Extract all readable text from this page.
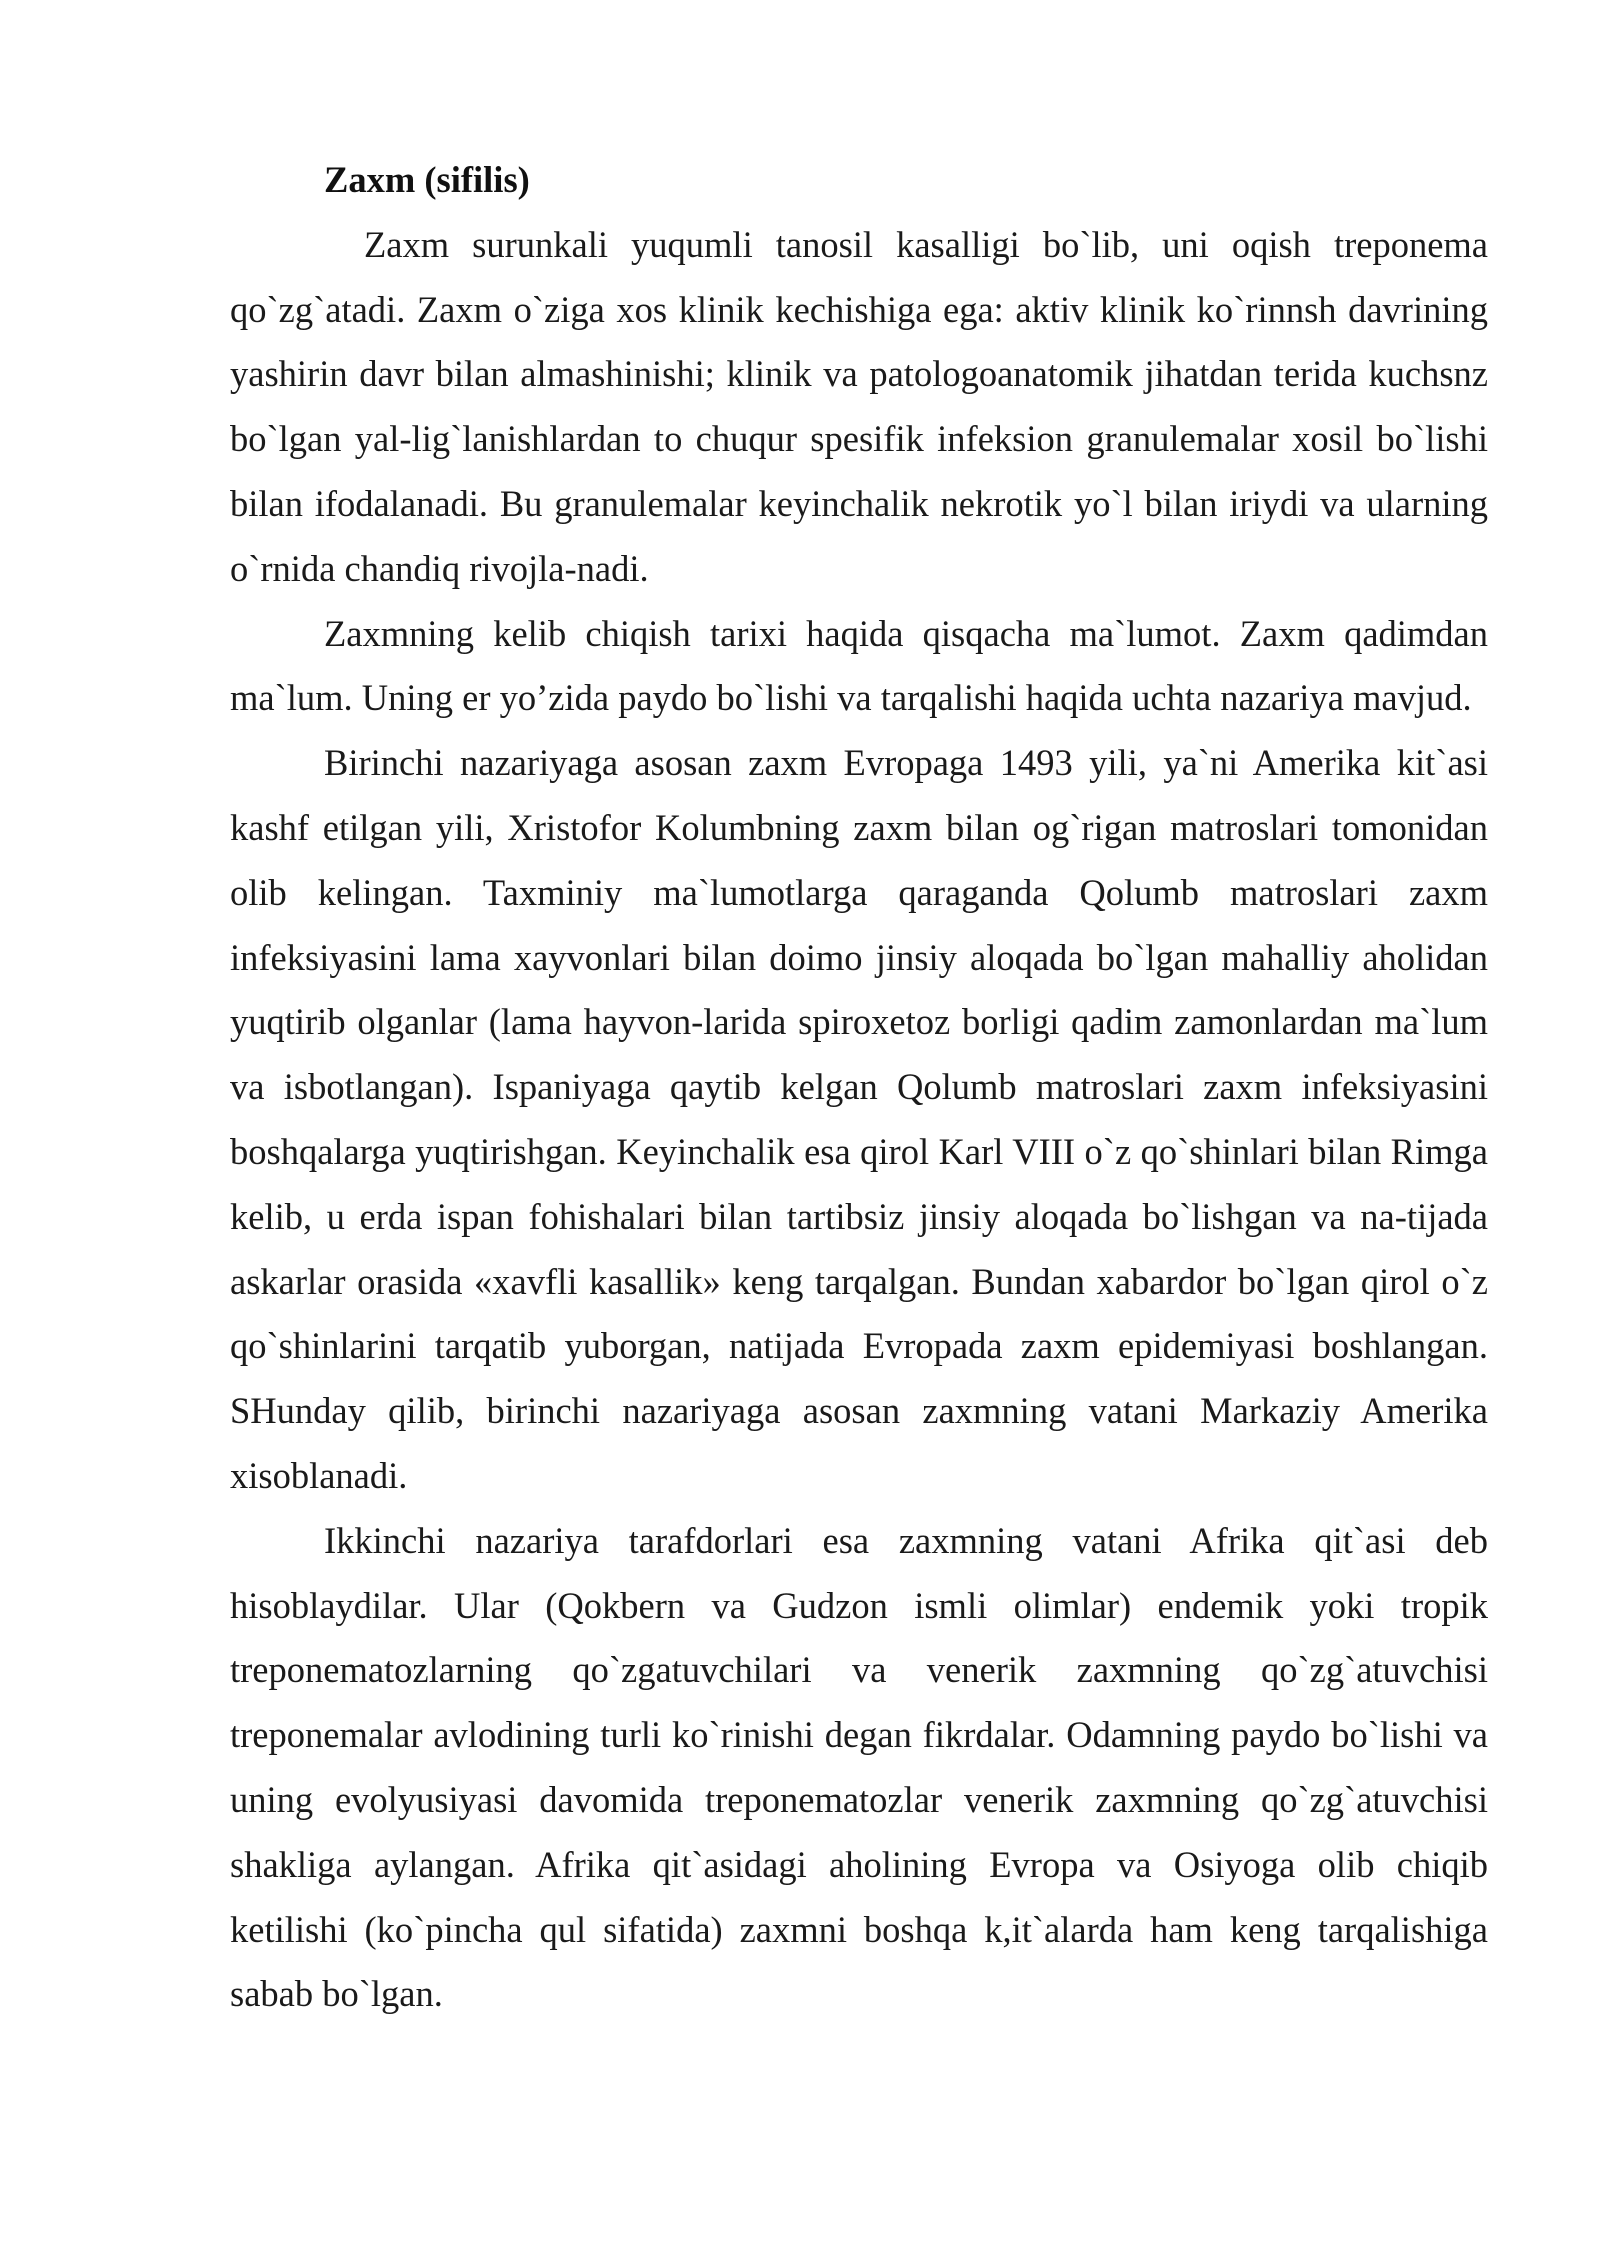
Zaxm (sifilis)

Zaxm surunkali yuqumli tanosil kasalligi bo`lib, uni oqish treponema qo`zg`atadi. Zaxm o`ziga xos klinik kechishiga ega: aktiv klinik ko`rinnsh davrining yashirin davr bilan almashinishi; klinik va patologoanatomik jihatdan terida kuchsnz bo`lgan yal-lig`lanishlardan to chuqur spesifik infeksion granulemalar xosil bo`lishi bilan ifodalanadi. Bu granulemalar keyinchalik nekrotik yo`l bilan iriydi va ularning o`rnida chandiq rivojla-nadi.

Zaxmning kelib chiqish tarixi haqida qisqacha ma`lumot. Zaxm qadimdan ma`lum. Uning er yo’zida paydo bo`lishi va tarqalishi haqida uchta nazariya mavjud.

Birinchi nazariyaga asosan zaxm Evropaga 1493 yili, ya`ni Amerika kit`asi kashf etilgan yili, Xristofor Kolumbning zaxm bilan og`rigan matroslari tomonidan olib kelingan. Taxminiy ma`lumotlarga qaraganda Qolumb matroslari zaxm infeksiyasini lama xayvonlari bilan doimo jinsiy aloqada bo`lgan mahalliy aholidan yuqtirib olganlar (lama hayvon-larida spiroxetoz borligi qadim zamonlardan ma`lum va isbotlangan). Ispaniyaga qaytib kelgan Qolumb matroslari zaxm infeksiyasini boshqalarga yuqtirishgan. Keyinchalik esa qirol Karl VIII o`z qo`shinlari bilan Rimga kelib, u erda ispan fohishalari bilan tartibsiz jinsiy aloqada bo`lishgan va na-tijada askarlar orasida «xavfli kasallik» keng tarqalgan. Bundan xabardor bo`lgan qirol o`z qo`shinlarini tarqatib yuborgan, natijada Evropada zaxm epidemiyasi boshlangan. SHunday qilib, birinchi nazariyaga asosan zaxmning vatani Markaziy Amerika xisoblanadi.

Ikkinchi nazariya tarafdorlari esa zaxmning vatani Afrika qit`asi deb hisoblaydilar. Ular (Qokbern va Gudzon ismli olimlar) endemik yoki tropik treponematozlarning qo`zgatuvchilari va venerik zaxmning qo`zg`atuvchisi treponemalar avlodining turli ko`rinishi degan fikrdalar. Odamning paydo bo`lishi va uning evolyusiyasi davomida treponematozlar venerik zaxmning qo`zg`atuvchisi shakliga aylangan. Afrika qit`asidagi aholining Evropa va Osiyoga olib chiqib ketilishi (ko`pincha qul sifatida) zaxmni boshqa k,it`alarda ham keng tarqalishiga sabab bo`lgan.
